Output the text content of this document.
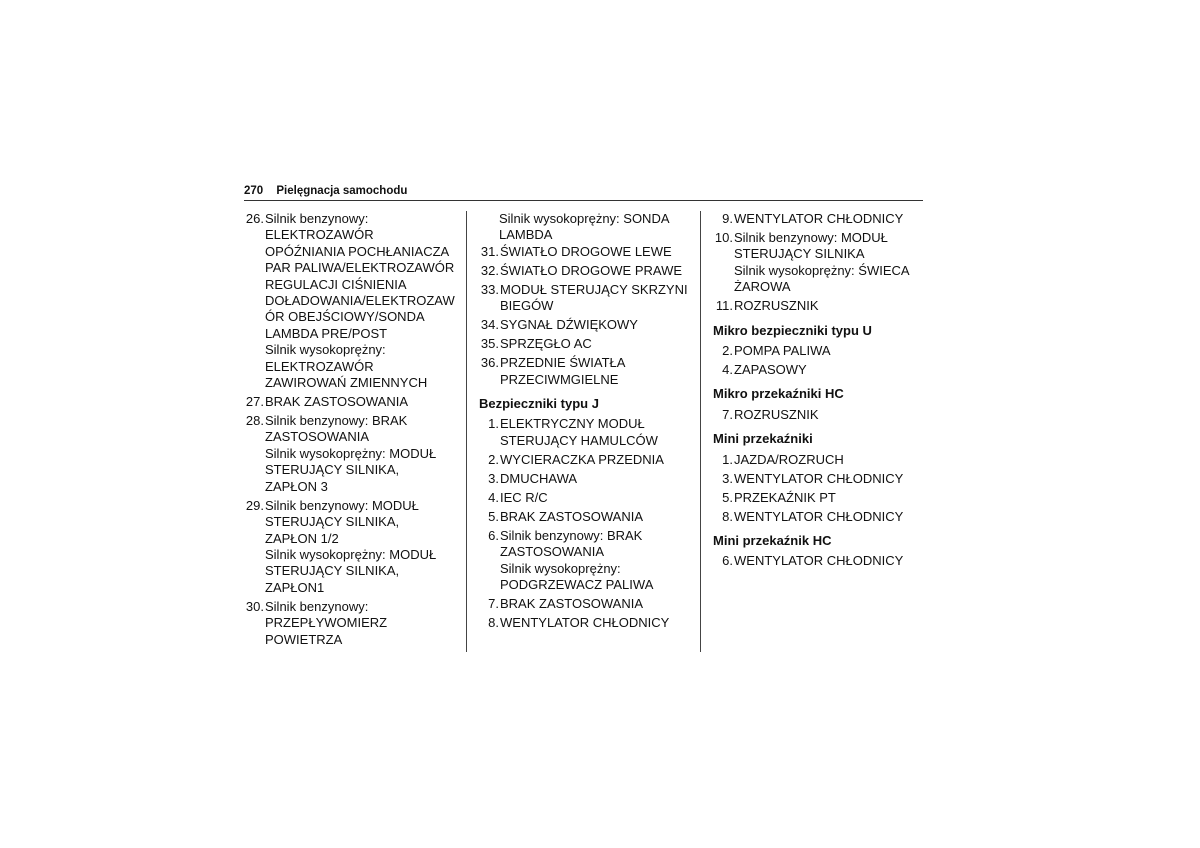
270 Pielęgnacja samochodu
26. Silnik benzynowy:
ELEKTROZAWÓR
OPÓŹNIANIA POCHŁANIACZA
PAR PALIWA/ELEKTROZAWÓR
REGULACJI CIŚNIENIA
DOŁADOWANIA/ELEKTROZAW
ÓR OBEJŚCIOWY/SONDA
LAMBDA PRE/POST
Silnik wysokoprężny:
ELEKTROZAWÓR
ZAWIROWAŃ ZMIENNYCH
27. BRAK ZASTOSOWANIA
28. Silnik benzynowy: BRAK
ZASTOSOWANIA
Silnik wysokoprężny: MODUŁ
STERUJĄCY SILNIKA,
ZAPŁON 3
29. Silnik benzynowy: MODUŁ
STERUJĄCY SILNIKA,
ZAPŁON 1/2
Silnik wysokoprężny: MODUŁ
STERUJĄCY SILNIKA,
ZAPŁON1
30. Silnik benzynowy:
PRZEPŁYWOMIERZ
POWIETRZA
Silnik wysokoprężny: SONDA
LAMBDA
31. ŚWIATŁO DROGOWE LEWE
32. ŚWIATŁO DROGOWE PRAWE
33. MODUŁ STERUJĄCY SKRZYNI
BIEGÓW
34. SYGNAŁ DŹWIĘKOWY
35. SPRZĘGŁO AC
36. PRZEDNIE ŚWIATŁA
PRZECIWMGIELNE
Bezpieczniki typu J
1. ELEKTRYCZNY MODUŁ
STERUJĄCY HAMULCÓW
2. WYCIERACZKA PRZEDNIA
3. DMUCHAWA
4. IEC R/C
5. BRAK ZASTOSOWANIA
6. Silnik benzynowy: BRAK
ZASTOSOWANIA
Silnik wysokoprężny:
PODGRZEWACZ PALIWA
7. BRAK ZASTOSOWANIA
8. WENTYLATOR CHŁODNICY
9. WENTYLATOR CHŁODNICY
10. Silnik benzynowy: MODUŁ
STERUJĄCY SILNIKA
Silnik wysokoprężny: ŚWIECA
ŻAROWA
11. ROZRUSZNIK
Mikro bezpieczniki typu U
2. POMPA PALIWA
4. ZAPASOWY
Mikro przekaźniki HC
7. ROZRUSZNIK
Mini przekaźniki
1. JAZDA/ROZRUCH
3. WENTYLATOR CHŁODNICY
5. PRZEKAŹNIK PT
8. WENTYLATOR CHŁODNICY
Mini przekaźnik HC
6. WENTYLATOR CHŁODNICY
